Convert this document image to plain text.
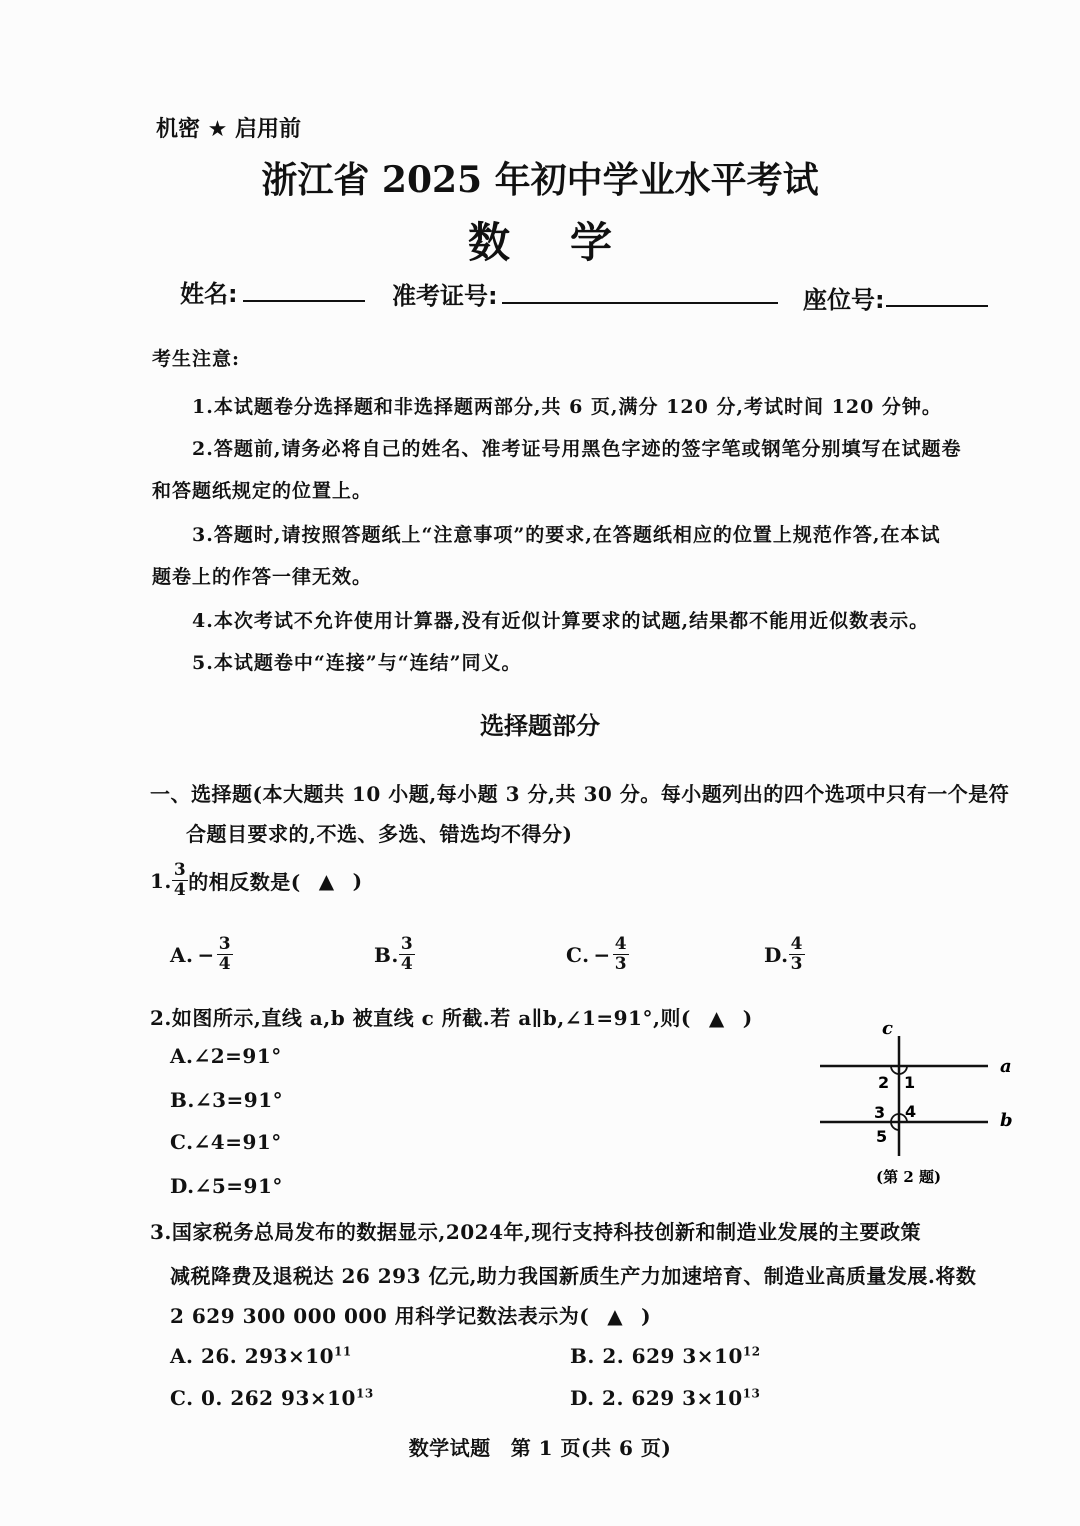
机密 ★ 启用前
浙江省 2025 年初中学业水平考试
数学
姓名:	准考证号:	座位号:
考生注意:
1.本试题卷分选择题和非选择题两部分,共 6 页,满分 120 分,考试时间 120 分钟。
2.答题前,请务必将自己的姓名、准考证号用黑色字迹的签字笔或钢笔分别填写在试题卷
和答题纸规定的位置上。
3.答题时,请按照答题纸上“注意事项”的要求,在答题纸相应的位置上规范作答,在本试
题卷上的作答一律无效。
4.本次考试不允许使用计算器,没有近似计算要求的试题,结果都不能用近似数表示。
5.本试题卷中“连接”与“连结”同义。
选择题部分
一、选择题(本大题共 10 小题,每小题 3 分,共 30 分。每小题列出的四个选项中只有一个是符
合题目要求的,不选、多选、错选均不得分)
1. $\frac{3}{4}$ 的相反数是( ▲ )
A. − $\frac{3}{4}$	B. $\frac{3}{4}$	C. − $\frac{4}{3}$	D. $\frac{4}{3}$
2.如图所示,直线 a,b 被直线 c 所截.若 a∥b,∠1=91°,则( ▲ )
A.∠2=91°
B.∠3=91°
C.∠4=91°
D.∠5=91°
c
a
b
1
2
3 4
5
(第 2 题)
3.国家税务总局发布的数据显示,2024年,现行支持科技创新和制造业发展的主要政策
减税降费及退税达 26 293 亿元,助力我国新质生产力加速培育、制造业高质量发展.将数
2 629 300 000 000 用科学记数法表示为( ▲ )
A. 26. $293\times 10^{11}$	B. 2. 629 $3\times 10^{12}$
C. 0. 262 $93\times 10^{13}$	D. 2. 629 $3\times 10^{13}$
数学试题 第 1 页(共 6 页)
